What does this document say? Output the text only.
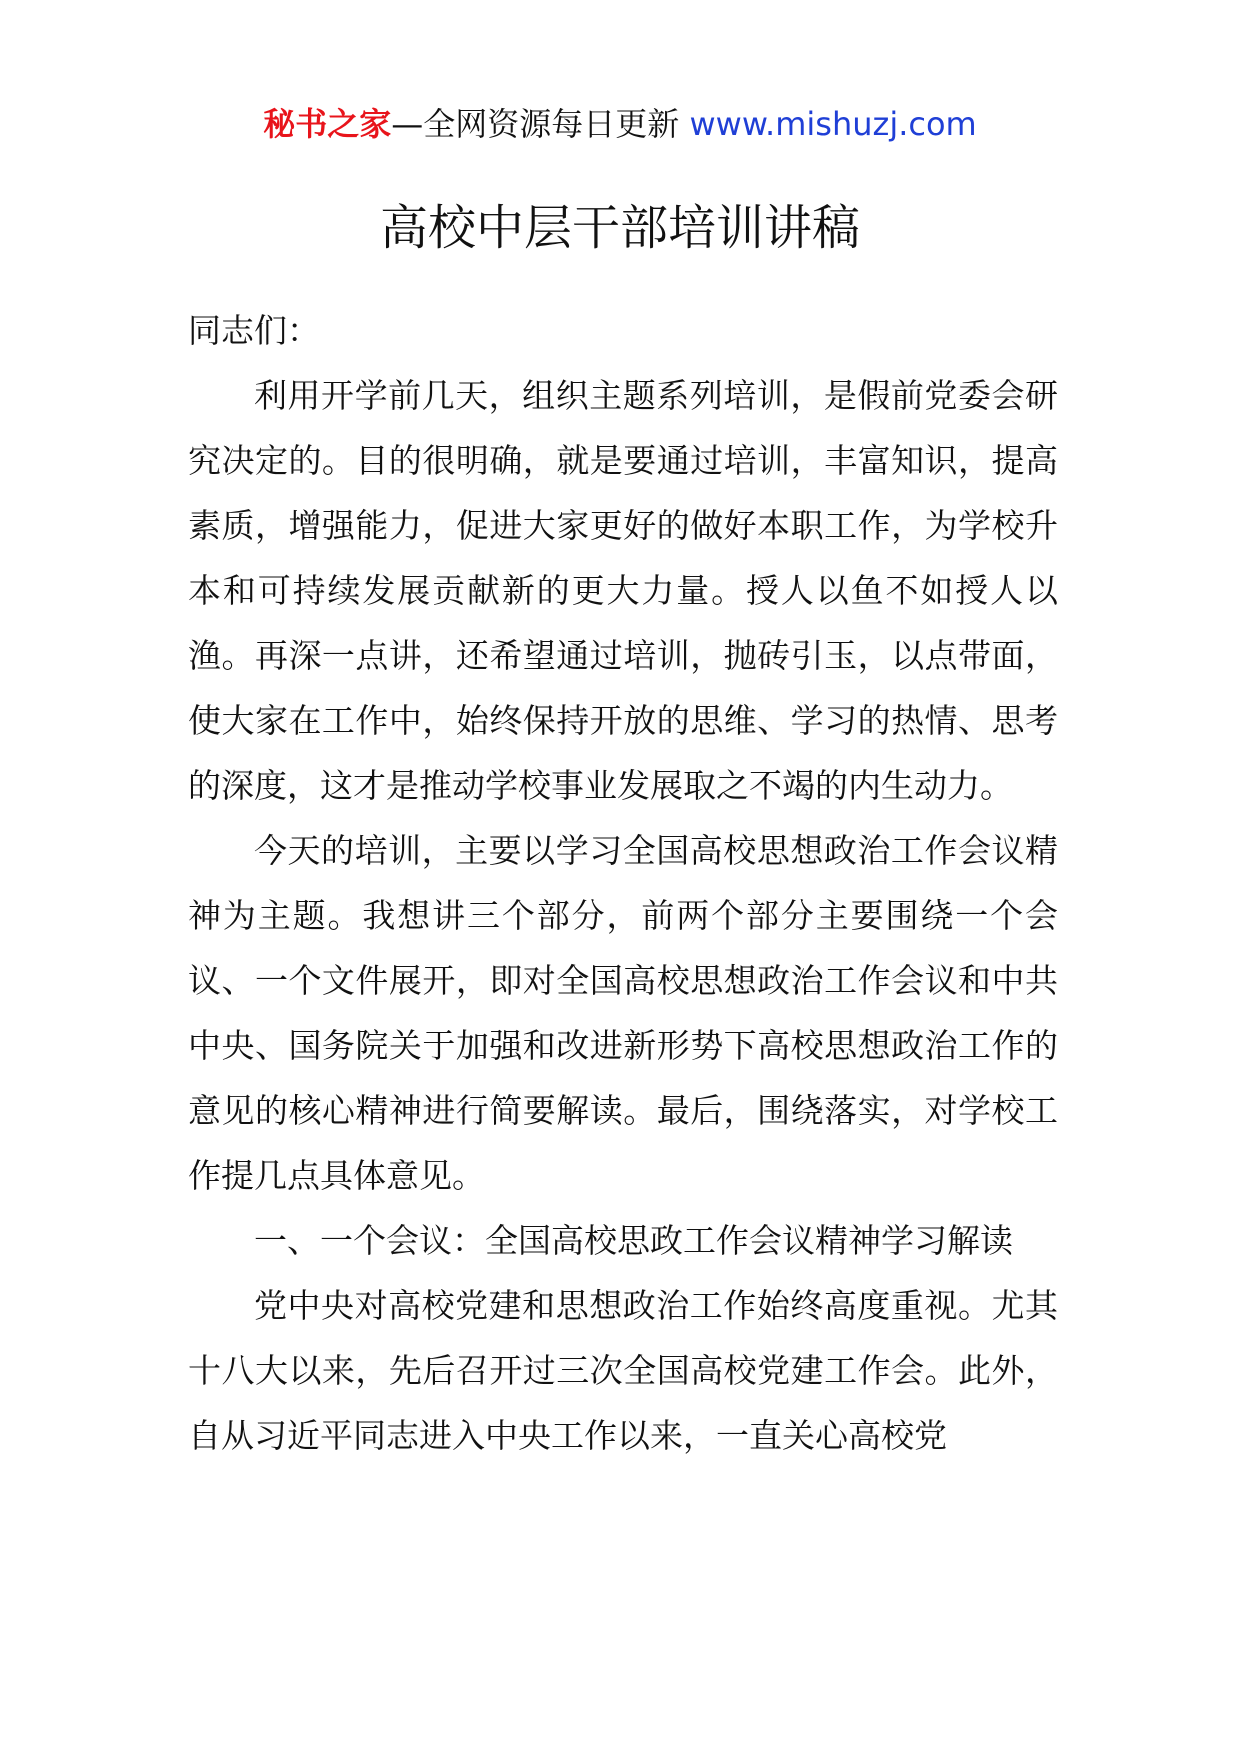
秘书之家—全网资源每日更新 www.mishuzj.com
高校中层干部培训讲稿

同志们：

利用开学前几天，组织主题系列培训，是假前党委会研究决定的。目的很明确，就是要通过培训，丰富知识，提高素质，增强能力，促进大家更好的做好本职工作，为学校升本和可持续发展贡献新的更大力量。授人以鱼不如授人以渔。再深一点讲，还希望通过培训，抛砖引玉，以点带面，使大家在工作中，始终保持开放的思维、学习的热情、思考的深度，这才是推动学校事业发展取之不竭的内生动力。

今天的培训，主要以学习全国高校思想政治工作会议精神为主题。我想讲三个部分，前两个部分主要围绕一个会议、一个文件展开，即对全国高校思想政治工作会议和中共中央、国务院关于加强和改进新形势下高校思想政治工作的意见的核心精神进行简要解读。最后，围绕落实，对学校工作提几点具体意见。

一、一个会议：全国高校思政工作会议精神学习解读

党中央对高校党建和思想政治工作始终高度重视。尤其十八大以来，先后召开过三次全国高校党建工作会。此外，自从习近平同志进入中央工作以来，一直关心高校党
